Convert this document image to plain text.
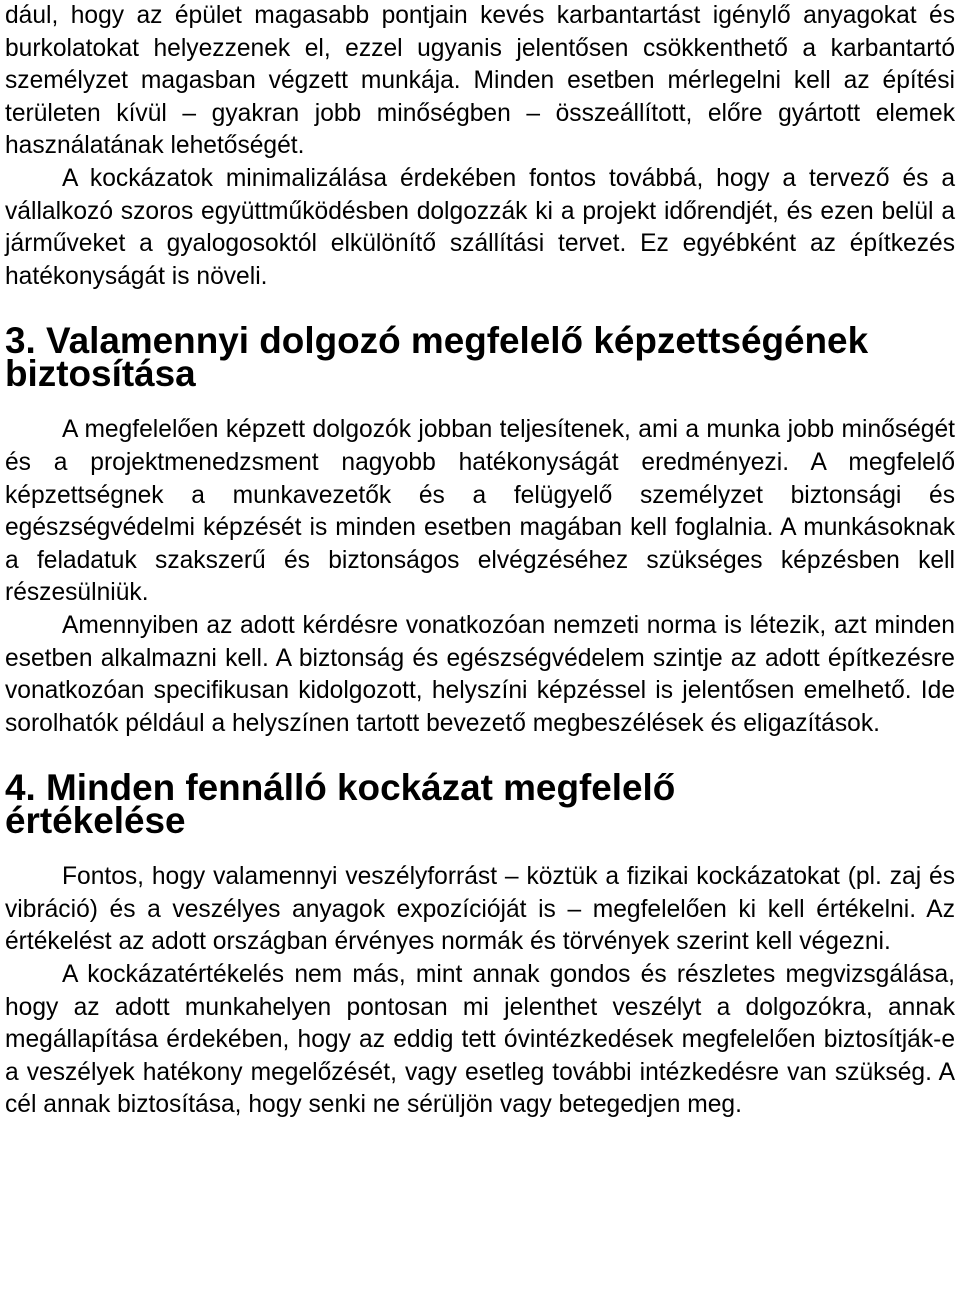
dául, hogy az épület magasabb pontjain kevés karbantartást igénylő anyagokat és burkolatokat helyezzenek el, ezzel ugyanis jelentősen csökkenthető a karbantartó személyzet magasban végzett munkája. Minden esetben mérlegelni kell az építési területen kívül – gyakran jobb minőségben – összeállított, előre gyártott elemek használatának lehetőségét.

A kockázatok minimalizálása érdekében fontos továbbá, hogy a tervező és a vállalkozó szoros együttműködésben dolgozzák ki a projekt időrendjét, és ezen belül a járműveket a gyalogosoktól elkülönítő szállítási tervet. Ez egyébként az építkezés hatékonyságát is növeli.

3. Valamennyi dolgozó megfelelő képzettségének
biztosítása

A megfelelően képzett dolgozók jobban teljesítenek, ami a munka jobb minőségét és a projektmenedzsment nagyobb hatékonyságát eredményezi. A megfelelő képzettségnek a munkavezetők és a felügyelő személyzet biztonsági és egészségvédelmi képzését is minden esetben magában kell foglalnia. A munkásoknak a feladatuk szakszerű és biztonságos elvégzéséhez szükséges képzésben kell részesülniük.

Amennyiben az adott kérdésre vonatkozóan nemzeti norma is létezik, azt minden esetben alkalmazni kell. A biztonság és egészségvédelem szintje az adott építkezésre vonatkozóan specifikusan kidolgozott, helyszíni képzéssel is jelentősen emelhető. Ide sorolhatók például a helyszínen tartott bevezető megbeszélések és eligazítások.

4. Minden fennálló kockázat megfelelő
értékelése

Fontos, hogy valamennyi veszélyforrást – köztük a fizikai kockázatokat (pl. zaj és vibráció) és a veszélyes anyagok expozícióját is – megfelelően ki kell értékelni. Az értékelést az adott országban érvényes normák és törvények szerint kell végezni.

A kockázatértékelés nem más, mint annak gondos és részletes megvizsgálása, hogy az adott munkahelyen pontosan mi jelenthet veszélyt a dolgozókra, annak megállapítása érdekében, hogy az eddig tett óvintézkedések megfelelően biztosítják-e a veszélyek hatékony megelőzését, vagy esetleg további intézkedésre van szükség. A cél annak biztosítása, hogy senki ne sérüljön vagy betegedjen meg.
